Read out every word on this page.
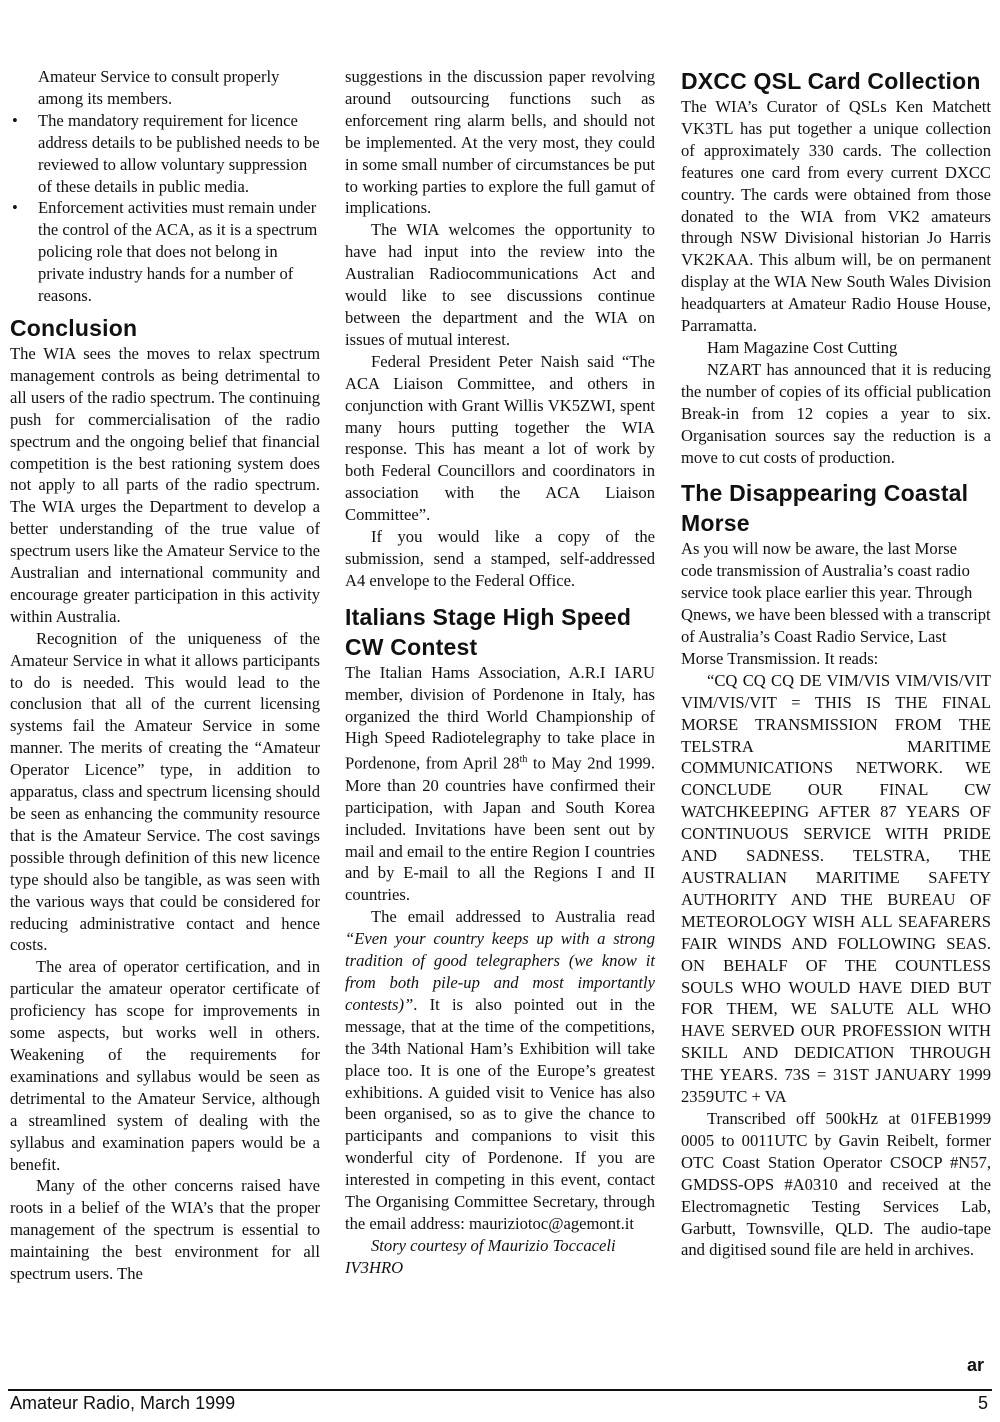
Amateur Service to consult properly among its members.
• The mandatory requirement for licence address details to be published needs to be reviewed to allow voluntary suppression of these details in public media.
• Enforcement activities must remain under the control of the ACA, as it is a spectrum policing role that does not belong in private industry hands for a number of reasons.
Conclusion

The WIA sees the moves to relax spectrum management controls as being detrimental to all users of the radio spectrum. The continuing push for commercialisation of the radio spectrum and the ongoing belief that financial competition is the best rationing system does not apply to all parts of the radio spectrum. The WIA urges the Department to develop a better understanding of the true value of spectrum users like the Amateur Service to the Australian and international community and encourage greater participation in this activity within Australia.

Recognition of the uniqueness of the Amateur Service in what it allows participants to do is needed. This would lead to the conclusion that all of the current licensing systems fail the Amateur Service in some manner. The merits of creating the “Amateur Operator Licence” type, in addition to apparatus, class and spectrum licensing should be seen as enhancing the community resource that is the Amateur Service. The cost savings possible through definition of this new licence type should also be tangible, as was seen with the various ways that could be considered for reducing administrative contact and hence costs.

The area of operator certification, and in particular the amateur operator certificate of proficiency has scope for improvements in some aspects, but works well in others. Weakening of the requirements for examinations and syllabus would be seen as detrimental to the Amateur Service, although a streamlined system of dealing with the syllabus and examination papers would be a benefit.

Many of the other concerns raised have roots in a belief of the WIA’s that the proper management of the spectrum is essential to maintaining the best environment for all spectrum users. The

suggestions in the discussion paper revolving around outsourcing functions such as enforcement ring alarm bells, and should not be implemented. At the very most, they could in some small number of circumstances be put to working parties to explore the full gamut of implications.

The WIA welcomes the opportunity to have had input into the review into the Australian Radiocommunications Act and would like to see discussions continue between the department and the WIA on issues of mutual interest.

Federal President Peter Naish said “The ACA Liaison Committee, and others in conjunction with Grant Willis VK5ZWI, spent many hours putting together the WIA response. This has meant a lot of work by both Federal Councillors and coordinators in association with the ACA Liaison Committee”.

If you would like a copy of the submission, send a stamped, self-addressed A4 envelope to the Federal Office.

Italians Stage High Speed CW Contest

The Italian Hams Association, A.R.I IARU member, division of Pordenone in Italy, has organized the third World Championship of High Speed Radiotelegraphy to take place in Pordenone, from April 28th to May 2nd 1999. More than 20 countries have confirmed their participation, with Japan and South Korea included. Invitations have been sent out by mail and email to the entire Region I countries and by E-mail to all the Regions I and II countries.

The email addressed to Australia read “Even your country keeps up with a strong tradition of good telegraphers (we know it from both pile-up and most importantly contests)”. It is also pointed out in the message, that at the time of the competitions, the 34th National Ham’s Exhibition will take place too. It is one of the Europe’s greatest exhibitions. A guided visit to Venice has also been organised, so as to give the chance to participants and companions to visit this wonderful city of Pordenone. If you are interested in competing in this event, contact The Organising Committee Secretary, through the email address: mauriziotoc@agemont.it

Story courtesy of Maurizio Toccaceli IV3HRO

DXCC QSL Card Collection

The WIA’s Curator of QSLs Ken Matchett VK3TL has put together a unique collection of approximately 330 cards. The collection features one card from every current DXCC country. The cards were obtained from those donated to the WIA from VK2 amateurs through NSW Divisional historian Jo Harris VK2KAA. This album will, be on permanent display at the WIA New South Wales Division headquarters at Amateur Radio House House, Parramatta.

Ham Magazine Cost Cutting

NZART has announced that it is reducing the number of copies of its official publication Break-in from 12 copies a year to six. Organisation sources say the reduction is a move to cut costs of production.

The Disappearing Coastal Morse

As you will now be aware, the last Morse code transmission of Australia’s coast radio service took place earlier this year. Through Qnews, we have been blessed with a transcript of Australia’s Coast Radio Service, Last Morse Transmission. It reads:

“CQ CQ CQ DE VIM/VIS VIM/VIS/VIT VIM/VIS/VIT = THIS IS THE FINAL MORSE TRANSMISSION FROM THE TELSTRA MARITIME COMMUNICATIONS NETWORK. WE CONCLUDE OUR FINAL CW WATCHKEEPING AFTER 87 YEARS OF CONTINUOUS SERVICE WITH PRIDE AND SADNESS. TELSTRA, THE AUSTRALIAN MARITIME SAFETY AUTHORITY AND THE BUREAU OF METEOROLOGY WISH ALL SEAFARERS FAIR WINDS AND FOLLOWING SEAS. ON BEHALF OF THE COUNTLESS SOULS WHO WOULD HAVE DIED BUT FOR THEM, WE SALUTE ALL WHO HAVE SERVED OUR PROFESSION WITH SKILL AND DEDICATION THROUGH THE YEARS. 73S = 31ST JANUARY 1999 2359UTC + VA

Transcribed off 500kHz at 01FEB1999 0005 to 0011UTC by Gavin Reibelt, former OTC Coast Station Operator CSOCP #N57, GMDSS-OPS #A0310 and received at the Electromagnetic Testing Services Lab, Garbutt, Townsville, QLD. The audio-tape and digitised sound file are held in archives.

ar
Amateur Radio, March 1999	5
